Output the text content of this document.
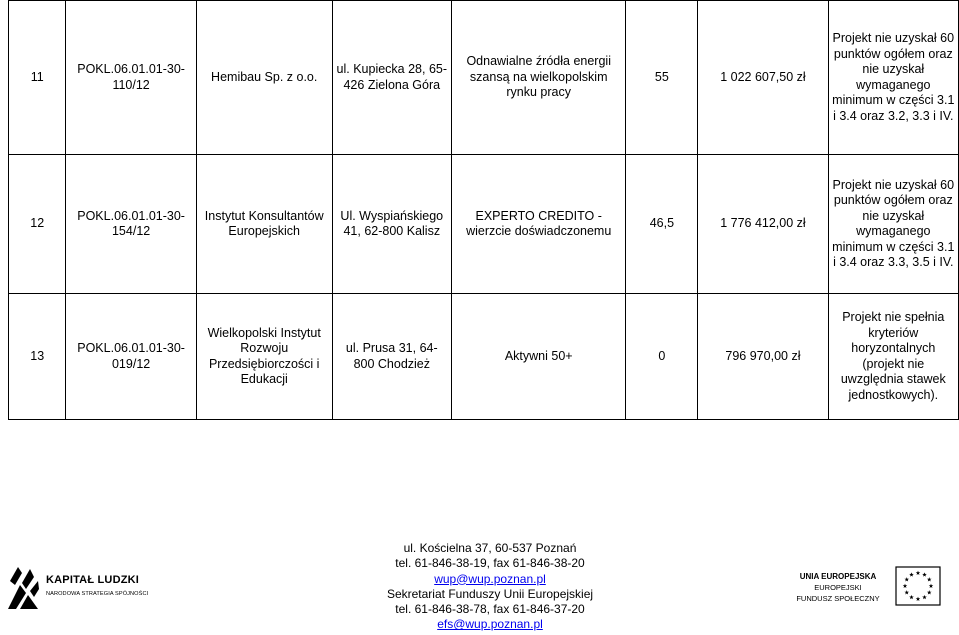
11	POKL.06.01.01-30-110/12	Hemibau Sp. z o.o.	ul. Kupiecka 28, 65-426 Zielona Góra	Odnawialne źródła energii szansą na wielkopolskim rynku pracy	55	1 022 607,50 zł	Projekt nie uzyskał 60 punktów ogółem oraz nie uzyskał wymaganego minimum w części 3.1 i 3.4 oraz 3.2, 3.3 i IV.
12	POKL.06.01.01-30-154/12	Instytut Konsultantów Europejskich	Ul. Wyspiańskiego 41, 62-800 Kalisz	EXPERTO CREDITO - wierzcie doświadczonemu	46,5	1 776 412,00 zł	Projekt nie uzyskał 60 punktów ogółem oraz nie uzyskał wymaganego minimum w części 3.1 i 3.4 oraz 3.3, 3.5 i IV.
13	POKL.06.01.01-30-019/12	Wielkopolski Instytut Rozwoju Przedsiębiorczości i Edukacji	ul. Prusa 31, 64-800 Chodzież	Aktywni 50+	0	796 970,00 zł	Projekt nie spełnia kryteriów horyzontalnych (projekt nie uwzględnia stawek jednostkowych).
KAPITAŁ LUDZKI
NARODOWA STRATEGIA SPÓJNOŚCI
ul. Kościelna 37, 60-537 Poznań
tel. 61-846-38-19, fax 61-846-38-20
wup@wup.poznan.pl
Sekretariat Funduszy Unii Europejskiej
tel. 61-846-38-78, fax 61-846-37-20
efs@wup.poznan.pl
UNIA EUROPEJSKA
EUROPEJSKI
FUNDUSZ SPOŁECZNY
